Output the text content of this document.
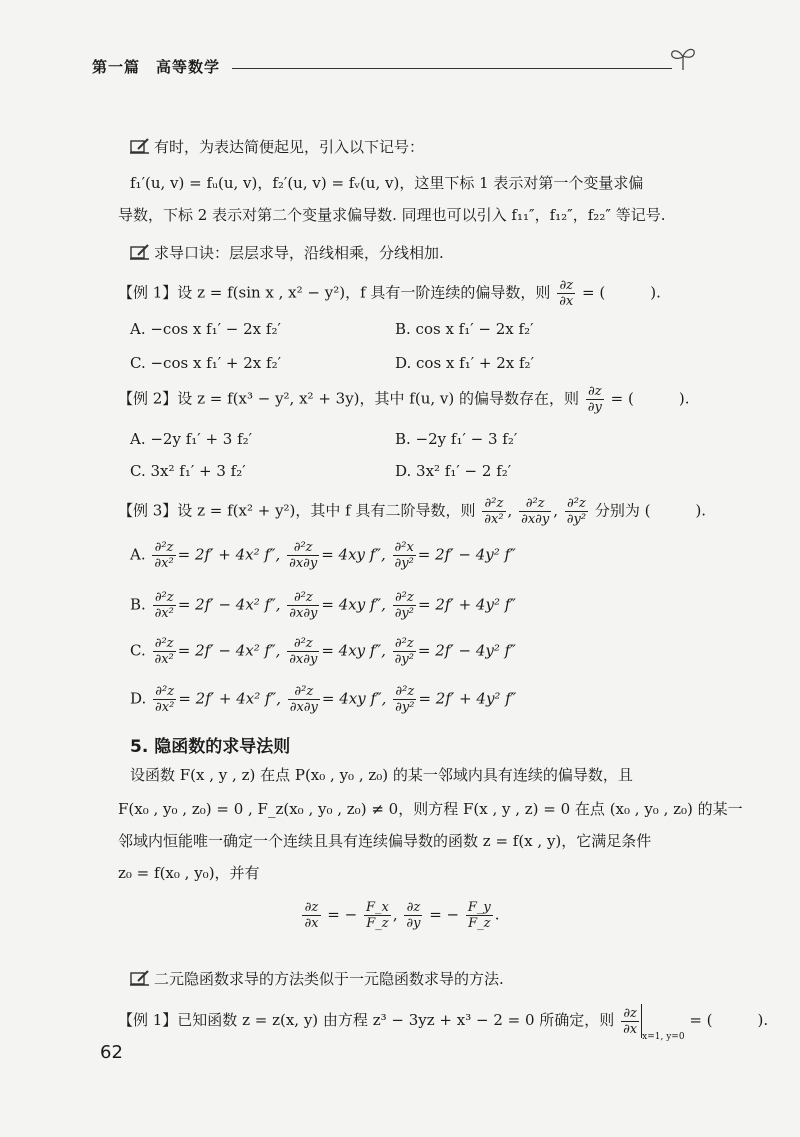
第一篇　高等数学
有时，为表达简便起见，引入以下记号：
f₁′(u, v) = fᵤ(u, v)，f₂′(u, v) = fᵥ(u, v)，这里下标 1 表示对第一个变量求偏
导数，下标 2 表示对第二个变量求偏导数. 同理也可以引入 f₁₁″，f₁₂″，f₂₂″ 等记号.
求导口诀：层层求导，沿线相乘，分线相加.
【例 1】设 z = f(sin x , x² − y²)，f 具有一阶连续的偏导数，则 $\frac{\partial z}{\partial x}$ = (　　　).
A. −cos x f₁′ − 2x f₂′	B. cos x f₁′ − 2x f₂′
C. −cos x f₁′ + 2x f₂′	D. cos x f₁′ + 2x f₂′
【例 2】设 z = f(x³ − y², x² + 3y)，其中 f(u, v) 的偏导数存在，则 $\frac{\partial z}{\partial y}$ = (　　　).
A. −2y f₁′ + 3 f₂′	B. −2y f₁′ − 3 f₂′
C. 3x² f₁′ + 3 f₂′	D. 3x² f₁′ − 2 f₂′
【例 3】设 z = f(x² + y²)，其中 f 具有二阶导数，则 $\frac{\text{∂²z}}{\text{∂x²}}$ , $\frac{\text{∂²z}}{\partial x\partial y}$ , $\frac{\text{∂²z}}{\text{∂y²}}$ 分别为 (　　　).
A. $\frac{\text{∂²z}}{\text{∂x²}} = 2f' + 4x^2$ f″, $\frac{\text{∂²z}}{\partial x\partial y} = 4xy$ f″, $\frac{\text{∂²x}}{\text{∂y²}} = 2f' - 4y^2$ f″
B. $\frac{\text{∂²z}}{\text{∂x²}} = 2f' - 4x^2$ f″, $\frac{\text{∂²z}}{\partial x\partial y} = 4xy$ f″, $\frac{\text{∂²z}}{\text{∂y²}} = 2f' + 4y^2$ f″
C. $\frac{\text{∂²z}}{\text{∂x²}} = 2f' - 4x^2$ f″, $\frac{\text{∂²z}}{\partial x\partial y} = 4xy$ f″, $\frac{\text{∂²z}}{\text{∂y²}} = 2f' - 4y^2$ f″
D. $\frac{\text{∂²z}}{\text{∂x²}} = 2f' + 4x^2$ f″, $\frac{\text{∂²z}}{\partial x\partial y} = 4xy$ f″, $\frac{\text{∂²z}}{\text{∂y²}} = 2f' + 4y^2$ f″
5. 隐函数的求导法则
设函数 F(x , y , z) 在点 P(x₀ , y₀ , z₀) 的某一邻域内具有连续的偏导数，且
F(x₀ , y₀ , z₀) = 0 , F_z(x₀ , y₀ , z₀) ≠ 0，则方程 F(x , y , z) = 0 在点 (x₀ , y₀ , z₀) 的某一
邻域内恒能唯一确定一个连续且具有连续偏导数的函数 z = f(x , y)，它满足条件
z₀ = f(x₀ , y₀)，并有
$\frac{\partial z}{\partial x}$ = − $\frac{F\_x}{F\_z}$ , $\frac{\partial z}{\partial y}$ = − $\frac{F\_y}{F\_z}$ .
二元隐函数求导的方法类似于一元隐函数求导的方法.
【例 1】已知函数 z = z(x, y) 由方程 z³ − 3yz + x³ − 2 = 0 所确定，则 $\frac{\partial z}{\partial x}$
$_{x=1, y=0}$ = (　　　).
62
